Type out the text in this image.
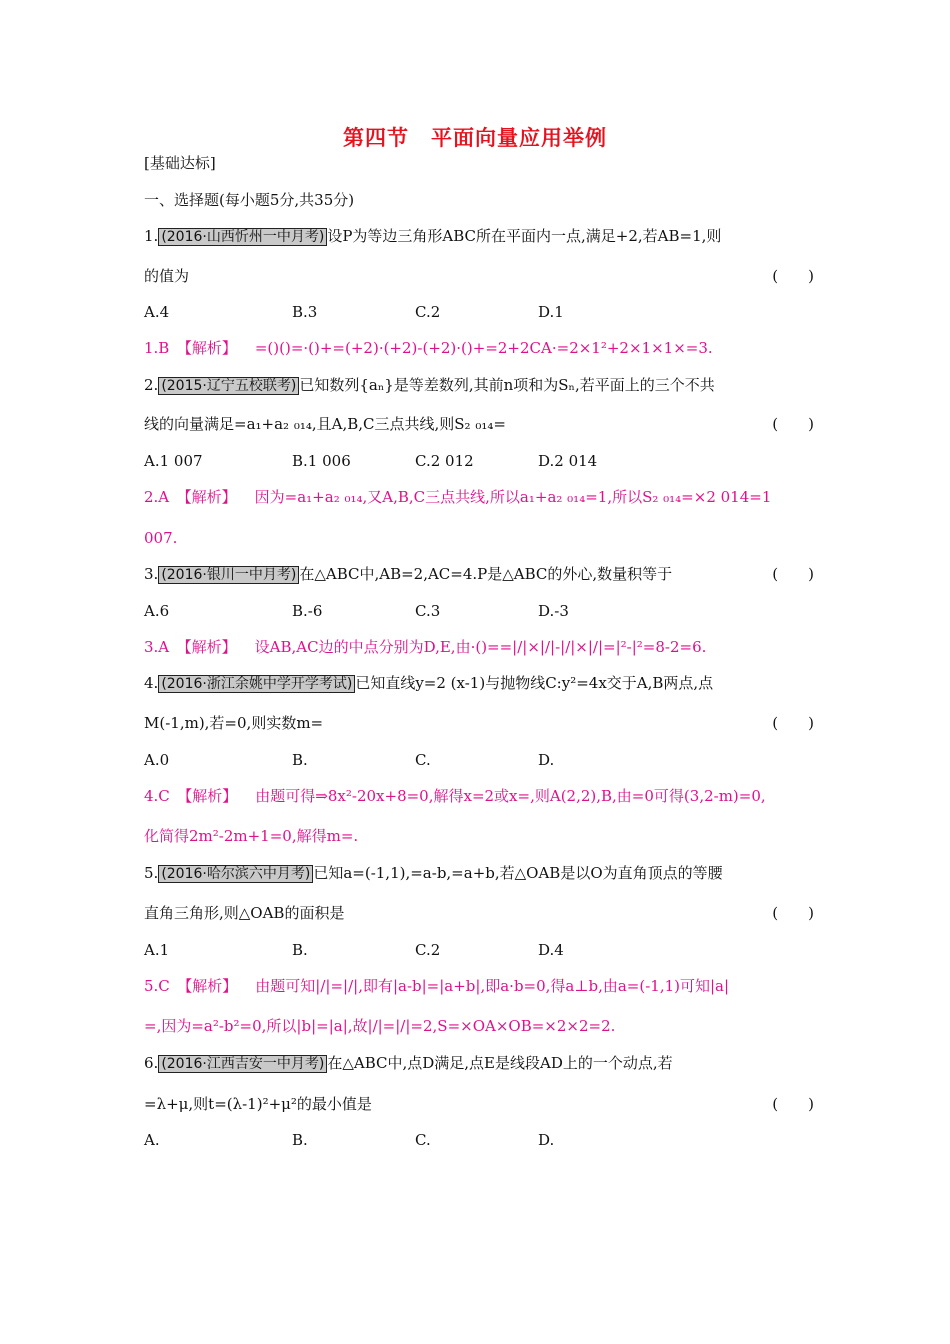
第四节　平面向量应用举例
[基础达标]
一、选择题(每小题5分,共35分)
1. (2016·山西忻州一中月考) 设P为等边三角形ABC所在平面内一点,满足+2,若AB=1,则
的值为	(　　)
A.4	B.3	C.2	D.1
1.B　【解析】 =()()=·()+=(+2)·(+2)-(+2)·()+=2+2CA·=2×1²+2×1×1×=3.
2. (2015·辽宁五校联考) 已知数列{aₙ}是等差数列,其前n项和为Sₙ,若平面上的三个不共
线的向量满足=a₁+a₂ ₀₁₄,且A,B,C三点共线,则S₂ ₀₁₄=	(　　)
A.1 007	B.1 006	C.2 012	D.2 014
2.A　【解析】 因为=a₁+a₂ ₀₁₄,又A,B,C三点共线,所以a₁+a₂ ₀₁₄=1,所以S₂ ₀₁₄=×2 014=1
007.
3. (2016·银川一中月考) 在△ABC中,AB=2,AC=4.P是△ABC的外心,数量积等于	(　　)
A.6	B.-6	C.3	D.-3
3.A　【解析】 设AB,AC边的中点分别为D,E,由·()==|/|×|/|-|/|×|/|=|²-|²=8-2=6.
4. (2016·浙江余姚中学开学考试) 已知直线y=2 (x-1)与抛物线C:y²=4x交于A,B两点,点
M(-1,m),若=0,则实数m=	(　　)
A.0	B.	C.	D.
4.C　【解析】 由题可得⇒8x²-20x+8=0,解得x=2或x=,则A(2,2),B,由=0可得(3,2-m)=0,
化简得2m²-2m+1=0,解得m=.
5. (2016·哈尔滨六中月考) 已知a=(-1,1),=a-b,=a+b,若△OAB是以O为直角顶点的等腰
直角三角形,则△OAB的面积是	(　　)
A.1	B.	C.2	D.4
5.C　【解析】 由题可知|/|=|/|,即有|a-b|=|a+b|,即a·b=0,得a⊥b,由a=(-1,1)可知|a|
=,因为=a²-b²=0,所以|b|=|a|,故|/|=|/|=2,S=×OA×OB=×2×2=2.
6. (2016·江西吉安一中月考) 在△ABC中,点D满足,点E是线段AD上的一个动点,若
=λ+μ,则t=(λ-1)²+μ²的最小值是	(　　)
A.	B.	C.	D.
